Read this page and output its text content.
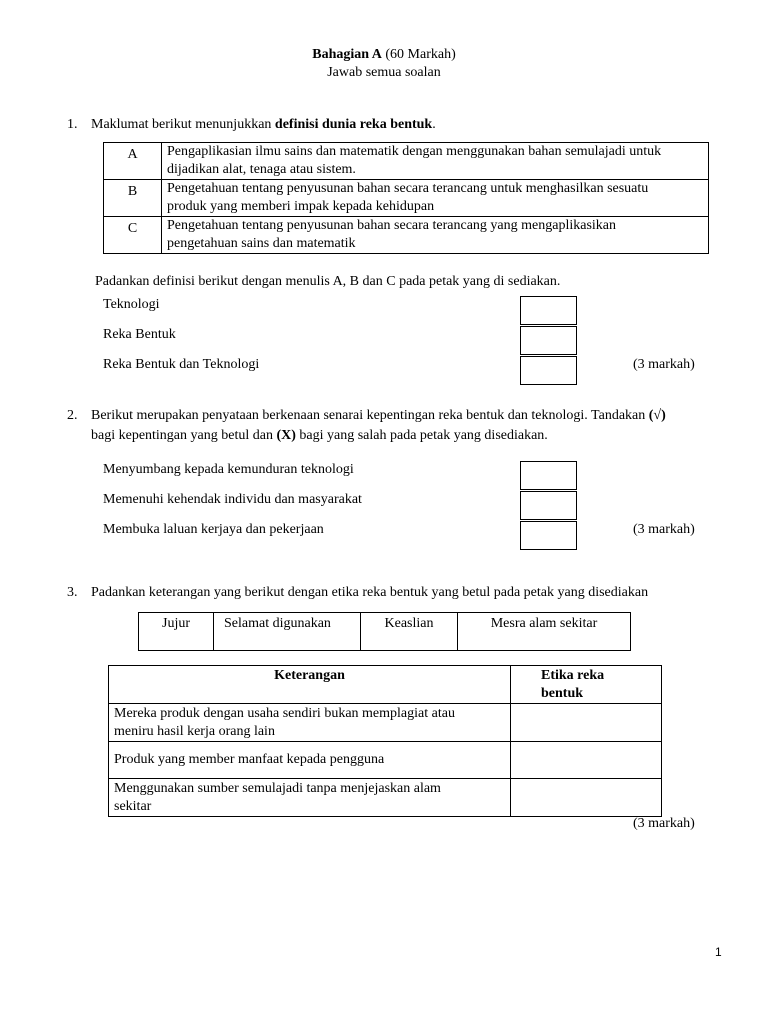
Bahagian A (60 Markah)
Jawab semua soalan
1. Maklumat berikut menunjukkan definisi dunia reka bentuk.
A	Pengaplikasian ilmu sains dan matematik dengan menggunakan bahan semulajadi untuk
dijadikan alat, tenaga atau sistem.

B	Pengetahuan tentang penyusunan bahan secara terancang untuk menghasilkan sesuatu
produk yang memberi impak kepada kehidupan

C	Pengetahuan tentang penyusunan bahan secara terancang yang mengaplikasikan
pengetahuan sains dan matematik
Padankan definisi berikut dengan menulis A, B dan C pada petak yang di sediakan.
Teknologi
Reka Bentuk
Reka Bentuk dan Teknologi	(3 markah)
2. Berikut merupakan penyataan berkenaan senarai kepentingan reka bentuk dan teknologi. Tandakan (√)
bagi kepentingan yang betul dan (X) bagi yang salah pada petak yang disediakan.
Menyumbang kepada kemunduran teknologi
Memenuhi kehendak individu dan masyarakat
Membuka laluan kerjaya dan pekerjaan	(3 markah)
3. Padankan keterangan yang berikut dengan etika reka bentuk yang betul pada petak yang disediakan
Jujur	Selamat digunakan	Keaslian	Mesra alam sekitar
Keterangan	Etika reka
bentuk

Mereka produk dengan usaha sendiri bukan memplagiat atau
meniru hasil kerja orang lain	

Produk yang member manfaat kepada pengguna	

Menggunakan sumber semulajadi tanpa menjejaskan alam
sekitar	

(3 markah)
1
